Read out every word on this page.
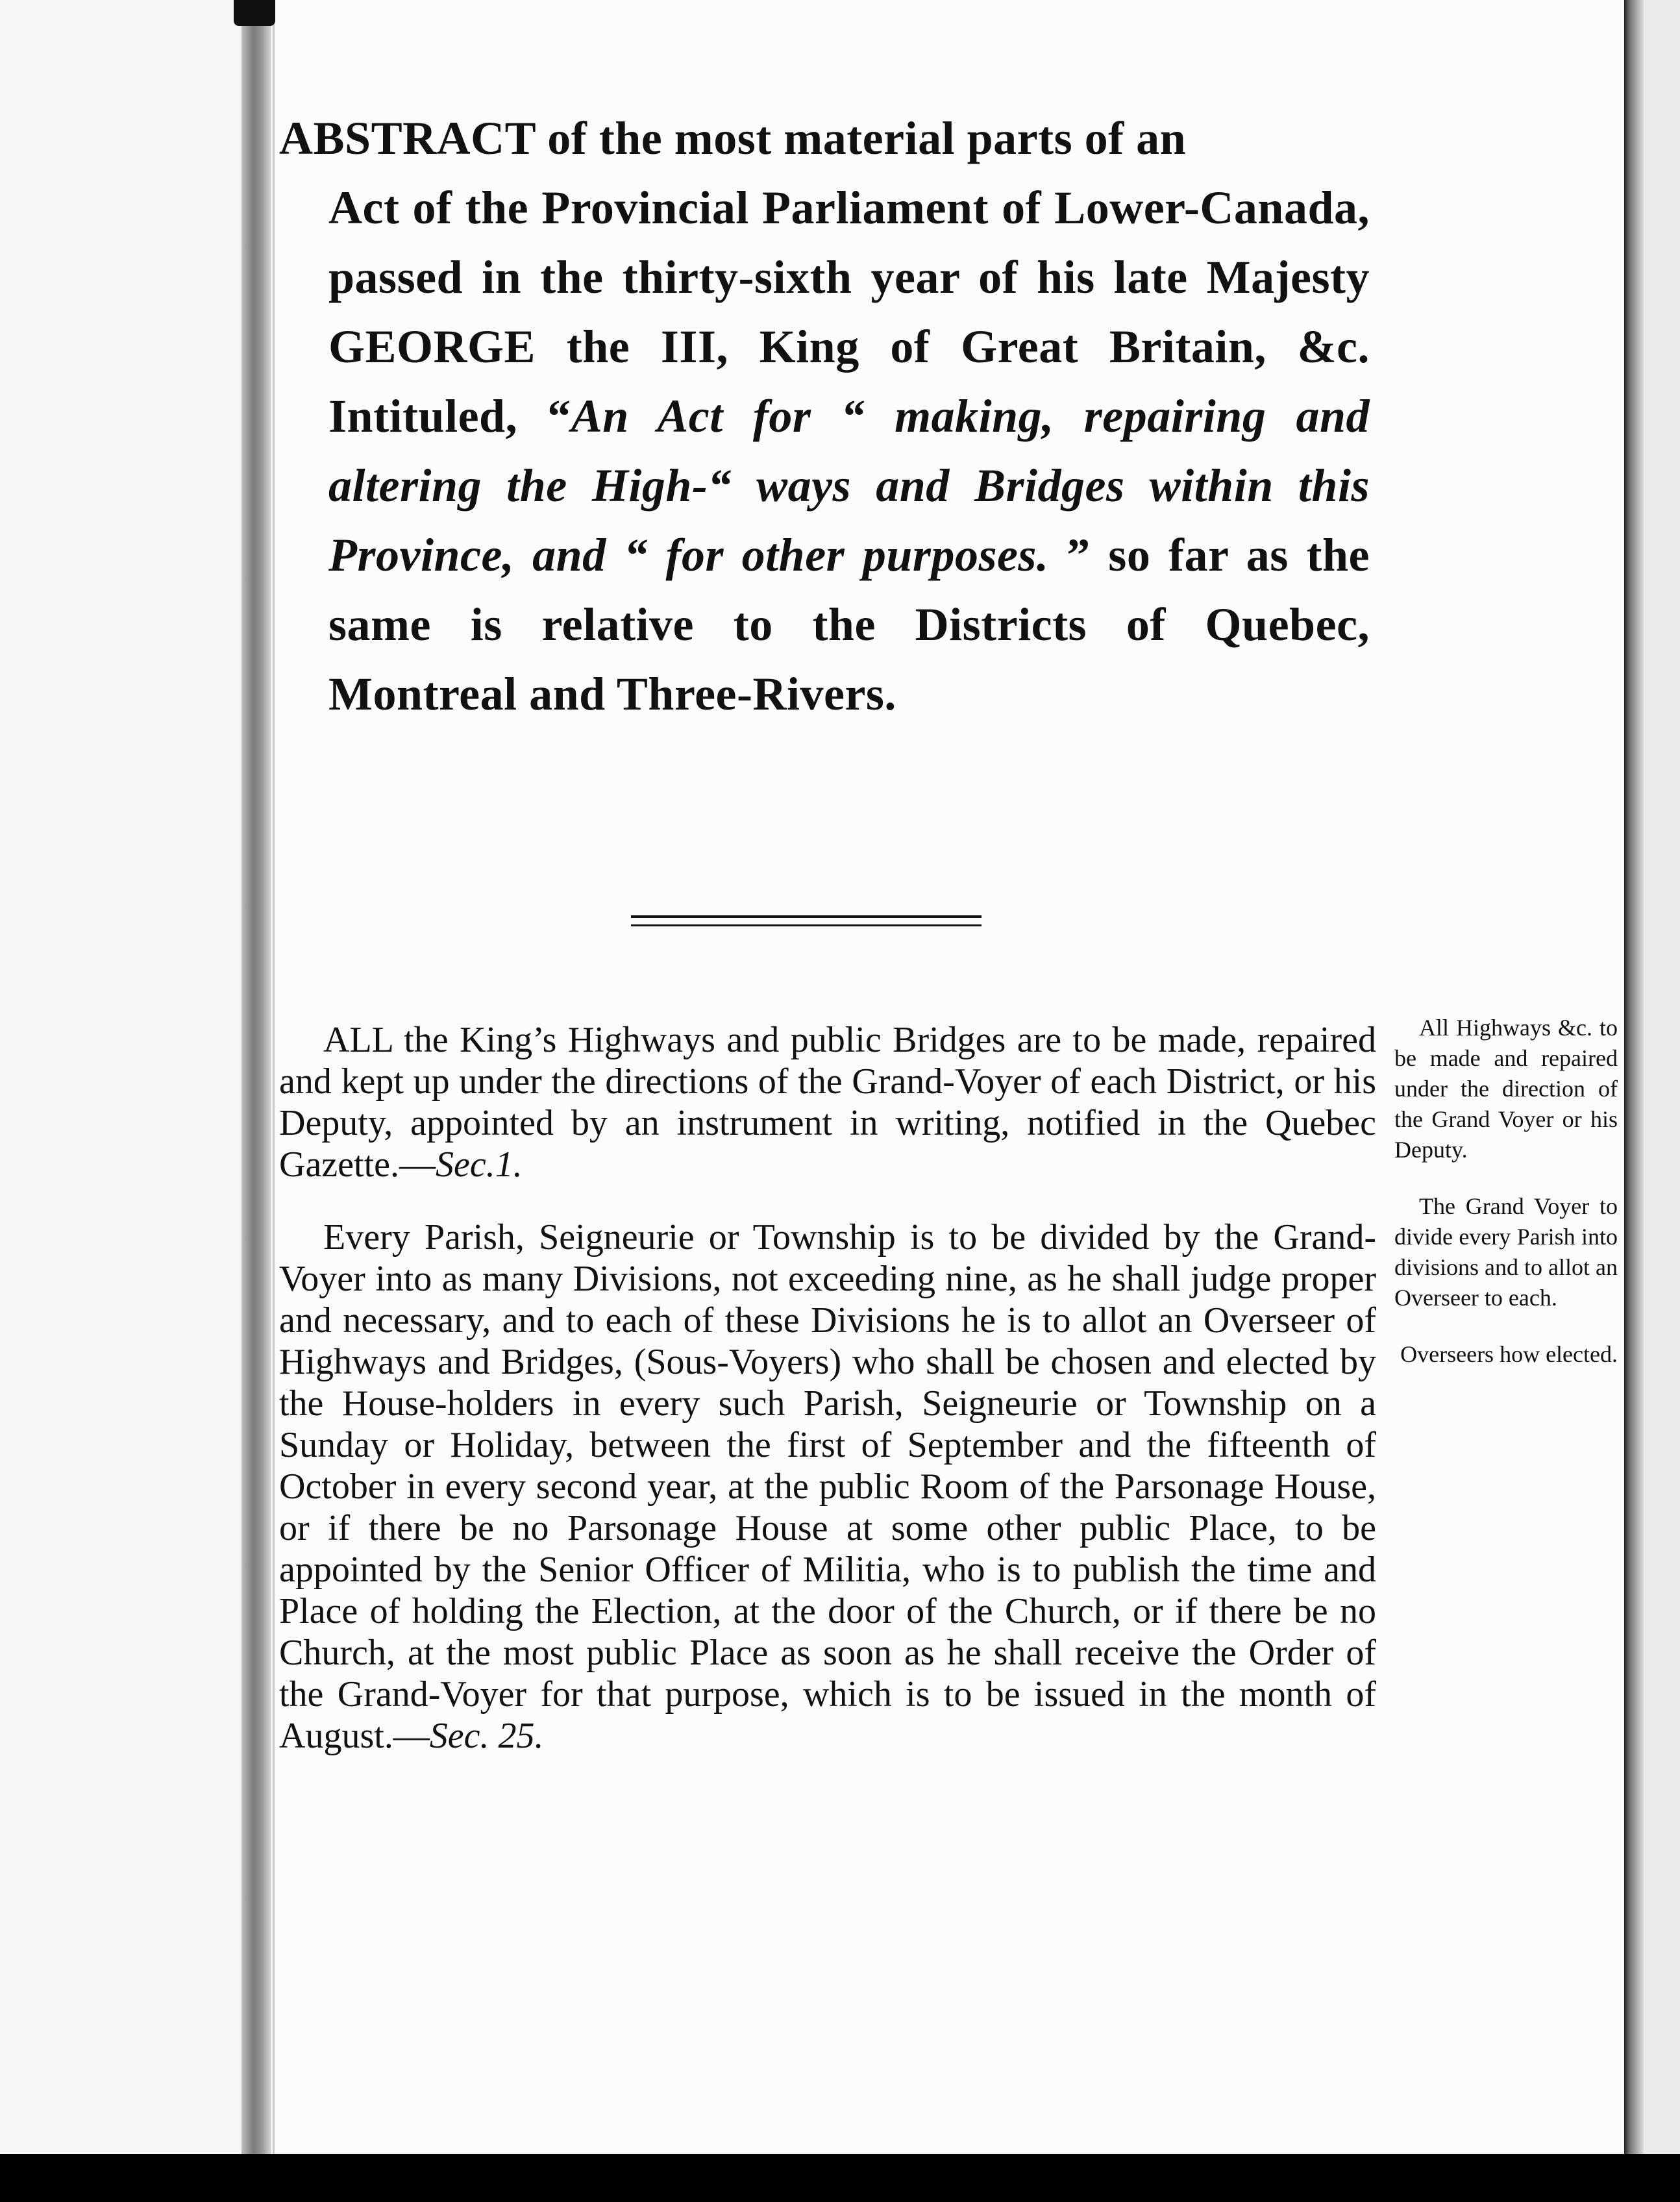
ABSTRACT of the most material parts of an
Act of the Provincial Parliament of Lower-Canada, passed in the thirty-sixth year of his late Majesty GEORGE the III, King of Great Britain, &c. Intituled, “An Act for “ making, repairing and altering the High-“ ways and Bridges within this Province, and “ for other purposes. ” so far as the same is relative to the Districts of Quebec, Montreal and Three-Rivers.

ALL the King’s Highways and public Bridges are to be made, repaired and kept up under the directions of the Grand-Voyer of each District, or his Deputy, appointed by an instrument in writing, notified in the Quebec Gazette.—Sec.1.

Every Parish, Seigneurie or Township is to be divided by the Grand-Voyer into as many Divisions, not exceeding nine, as he shall judge proper and necessary, and to each of these Divisions he is to allot an Overseer of Highways and Bridges, (Sous-Voyers) who shall be chosen and elected by the House-holders in every such Parish, Seigneurie or Township on a Sunday or Holiday, between the first of September and the fifteenth of October in every second year, at the public Room of the Parsonage House, or if there be no Parsonage House at some other public Place, to be appointed by the Senior Officer of Militia, who is to publish the time and Place of holding the Election, at the door of the Church, or if there be no Church, at the most public Place as soon as he shall receive the Order of the Grand-Voyer for that purpose, which is to be issued in the month of August.—Sec. 25.

All Highways &c. to be made and repaired under the direction of the Grand Voyer or his Deputy.

The Grand Voyer to divide every Parish into divisions and to allot an Overseer to each.

Overseers how elected.
